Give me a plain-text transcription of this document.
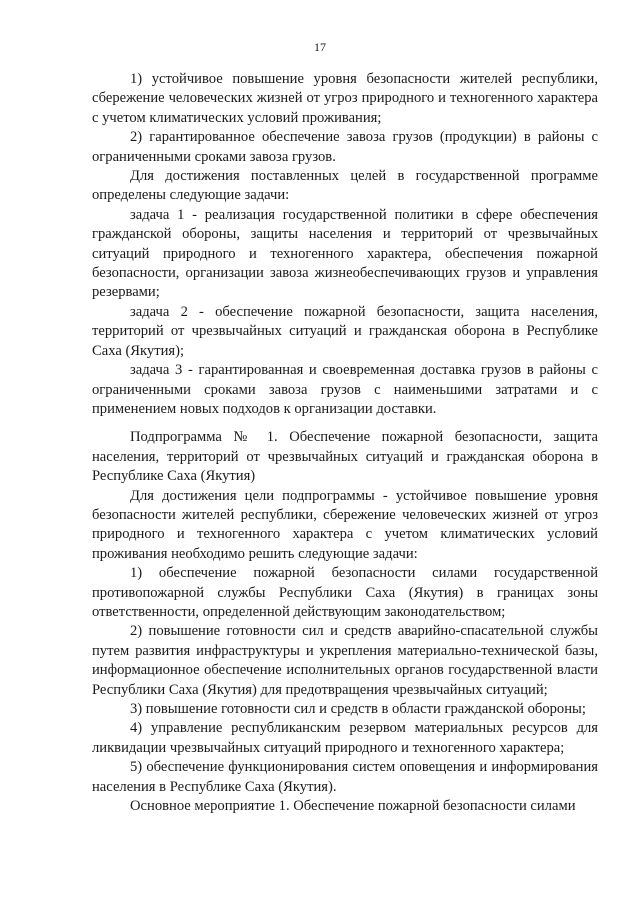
17

1) устойчивое повышение уровня безопасности жителей республики, сбережение человеческих жизней от угроз природного и техногенного характера с учетом климатических условий проживания;

2) гарантированное обеспечение завоза грузов (продукции) в районы с ограниченными сроками завоза грузов.

Для достижения поставленных целей в государственной программе определены следующие задачи:

задача 1 - реализация государственной политики в сфере обеспечения гражданской обороны, защиты населения и территорий от чрезвычайных ситуаций природного и техногенного характера, обеспечения пожарной безопасности, организации завоза жизнеобеспечивающих грузов и управления резервами;

задача 2 - обеспечение пожарной безопасности, защита населения, территорий от чрезвычайных ситуаций и гражданская оборона в Республике Саха (Якутия);

задача 3 - гарантированная и своевременная доставка грузов в районы с ограниченными сроками завоза грузов с наименьшими затратами и с применением новых подходов к организации доставки.

Подпрограмма № 1. Обеспечение пожарной безопасности, защита населения, территорий от чрезвычайных ситуаций и гражданская оборона в Республике Саха (Якутия)

Для достижения цели подпрограммы - устойчивое повышение уровня безопасности жителей республики, сбережение человеческих жизней от угроз природного и техногенного характера с учетом климатических условий проживания необходимо решить следующие задачи:

1) обеспечение пожарной безопасности силами государственной противопожарной службы Республики Саха (Якутия) в границах зоны ответственности, определенной действующим законодательством;

2) повышение готовности сил и средств аварийно-спасательной службы путем развития инфраструктуры и укрепления материально-технической базы, информационное обеспечение исполнительных органов государственной власти Республики Саха (Якутия) для предотвращения чрезвычайных ситуаций;

3) повышение готовности сил и средств в области гражданской обороны;

4) управление республиканским резервом материальных ресурсов для ликвидации чрезвычайных ситуаций природного и техногенного характера;

5) обеспечение функционирования систем оповещения и информирования населения в Республике Саха (Якутия).

Основное мероприятие 1. Обеспечение пожарной безопасности силами
